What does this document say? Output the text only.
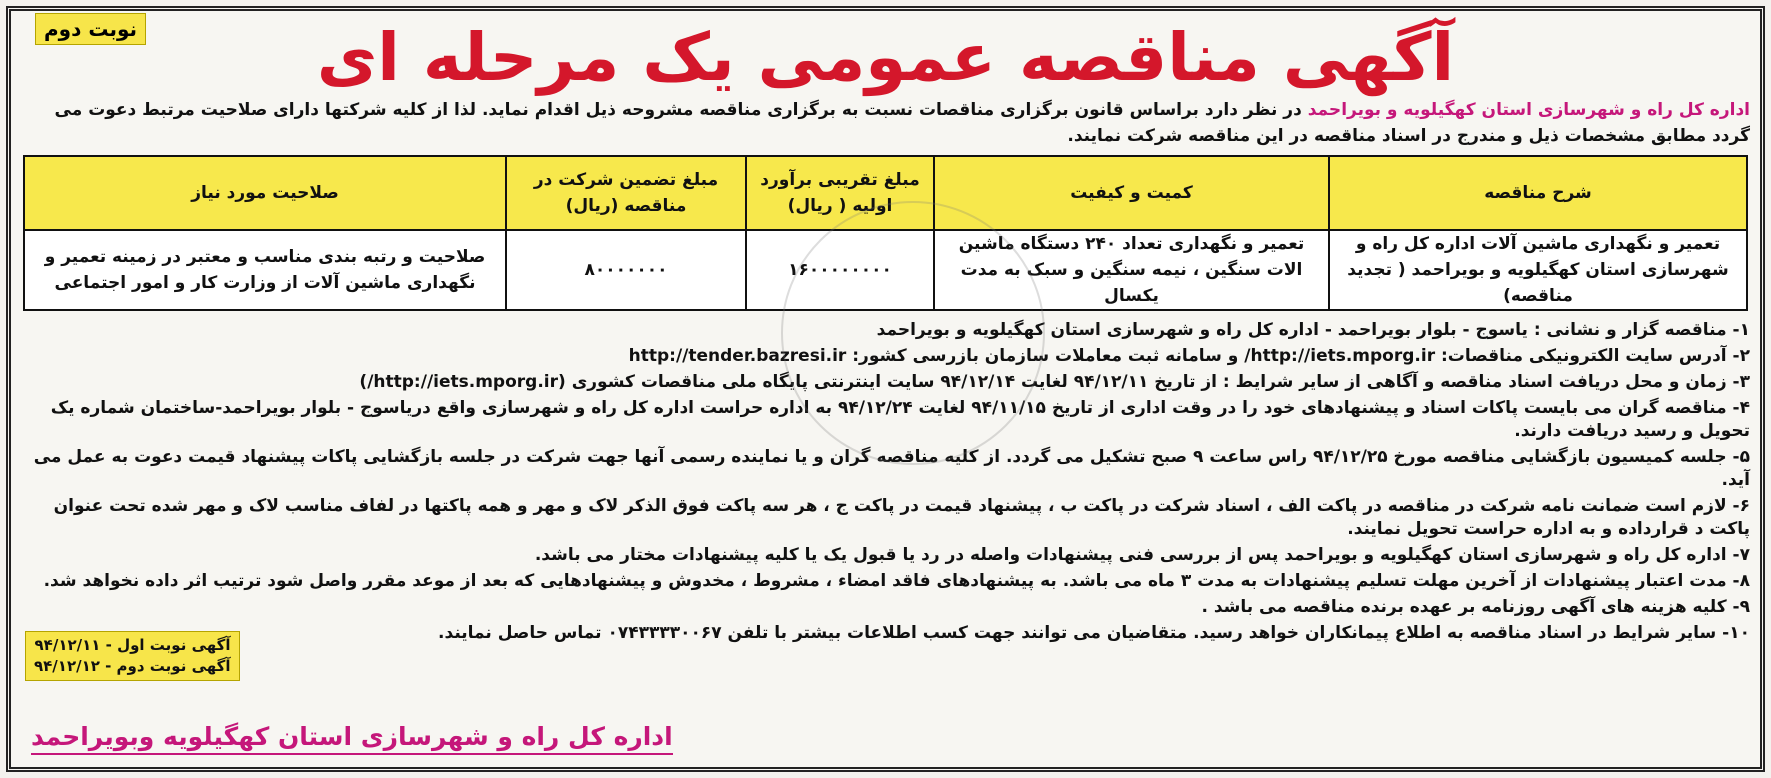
نوبت دوم	آگهی مناقصه عمومی یک مرحله ای
اداره کل راه و شهرسازی استان کهگیلویه و بویراحمد در نظر دارد براساس قانون برگزاری مناقصات نسبت به برگزاری مناقصه مشروحه ذیل اقدام نماید. لذا از کلیه شرکتها دارای صلاحیت مرتبط دعوت می گردد مطابق مشخصات ذیل و مندرج در اسناد مناقصه در این مناقصه شرکت نمایند.
شرح مناقصه	کمیت و کیفیت	مبلغ تقریبی برآورد اولیه ( ریال)	مبلغ تضمین شرکت در مناقصه (ریال)	صلاحیت مورد نیاز
تعمیر و نگهداری ماشین آلات اداره کل راه و شهرسازی استان کهگیلویه و بویراحمد ( تجدید مناقصه)	تعمیر و نگهداری تعداد ۲۴۰ دستگاه ماشین الات سنگین ، نیمه سنگین و سبک به مدت یکسال	۱۶۰۰۰۰۰۰۰۰	۸۰۰۰۰۰۰۰	صلاحیت و رتبه بندی مناسب و معتبر در زمینه تعمیر و نگهداری ماشین آلات از وزارت کار و امور اجتماعی
۱- مناقصه گزار و نشانی : یاسوج - بلوار بویراحمد - اداره کل راه و شهرسازی استان کهگیلویه و بویراحمد
۲- آدرس سایت الکترونیکی مناقصات: http://iets.mporg.ir/ و سامانه ثبت معاملات سازمان بازرسی کشور: http://tender.bazresi.ir
۳- زمان و محل دریافت اسناد مناقصه و آگاهی از سایر شرایط : از تاریخ ۹۴/۱۲/۱۱ لغایت ۹۴/۱۲/۱۴ سایت اینترنتی پایگاه ملی مناقصات کشوری (http://iets.mporg.ir/)
۴- مناقصه گران می بایست پاکات اسناد و پیشنهادهای خود را در وقت اداری از تاریخ ۹۴/۱۱/۱۵ لغایت ۹۴/۱۲/۲۴ به اداره حراست اداره کل راه و شهرسازی واقع دریاسوج - بلوار بویراحمد-ساختمان شماره یک تحویل و رسید دریافت دارند.
۵- جلسه کمیسیون بازگشایی مناقصه مورخ ۹۴/۱۲/۲۵ راس ساعت ۹ صبح تشکیل می گردد. از کلیه مناقصه گران و یا نماینده رسمی آنها جهت شرکت در جلسه بازگشایی پاکات پیشنهاد قیمت دعوت به عمل می آید.
۶- لازم است ضمانت نامه شرکت در مناقصه در پاکت الف ، اسناد شرکت در پاکت ب ، پیشنهاد قیمت در پاکت ج ، هر سه پاکت فوق الذکر لاک و مهر و همه پاکتها در لفاف مناسب لاک و مهر شده تحت عنوان پاکت د قرارداده و به اداره حراست تحویل نمایند.
۷- اداره کل راه و شهرسازی استان کهگیلویه و بویراحمد پس از بررسی فنی پیشنهادات واصله در رد یا قبول یک یا کلیه پیشنهادات مختار می باشد.
۸- مدت اعتبار پیشنهادات از آخرین مهلت تسلیم پیشنهادات به مدت ۳ ماه می باشد. به پیشنهادهای فاقد امضاء ، مشروط ، مخدوش و پیشنهادهایی که بعد از موعد مقرر واصل شود ترتیب اثر داده نخواهد شد.
۹- کلیه هزینه های آگهی روزنامه بر عهده برنده مناقصه می باشد .
۱۰- سایر شرایط در اسناد مناقصه به اطلاع پیمانکاران خواهد رسید. متقاضیان می توانند جهت کسب اطلاعات بیشتر با تلفن ۰۷۴۳۳۳۳۰۰۶۷ تماس حاصل نمایند.
آگهی نوبت اول - ۹۴/۱۲/۱۱
آگهی نوبت دوم - ۹۴/۱۲/۱۲
اداره کل راه و شهرسازی استان کهگیلویه وبویراحمد
